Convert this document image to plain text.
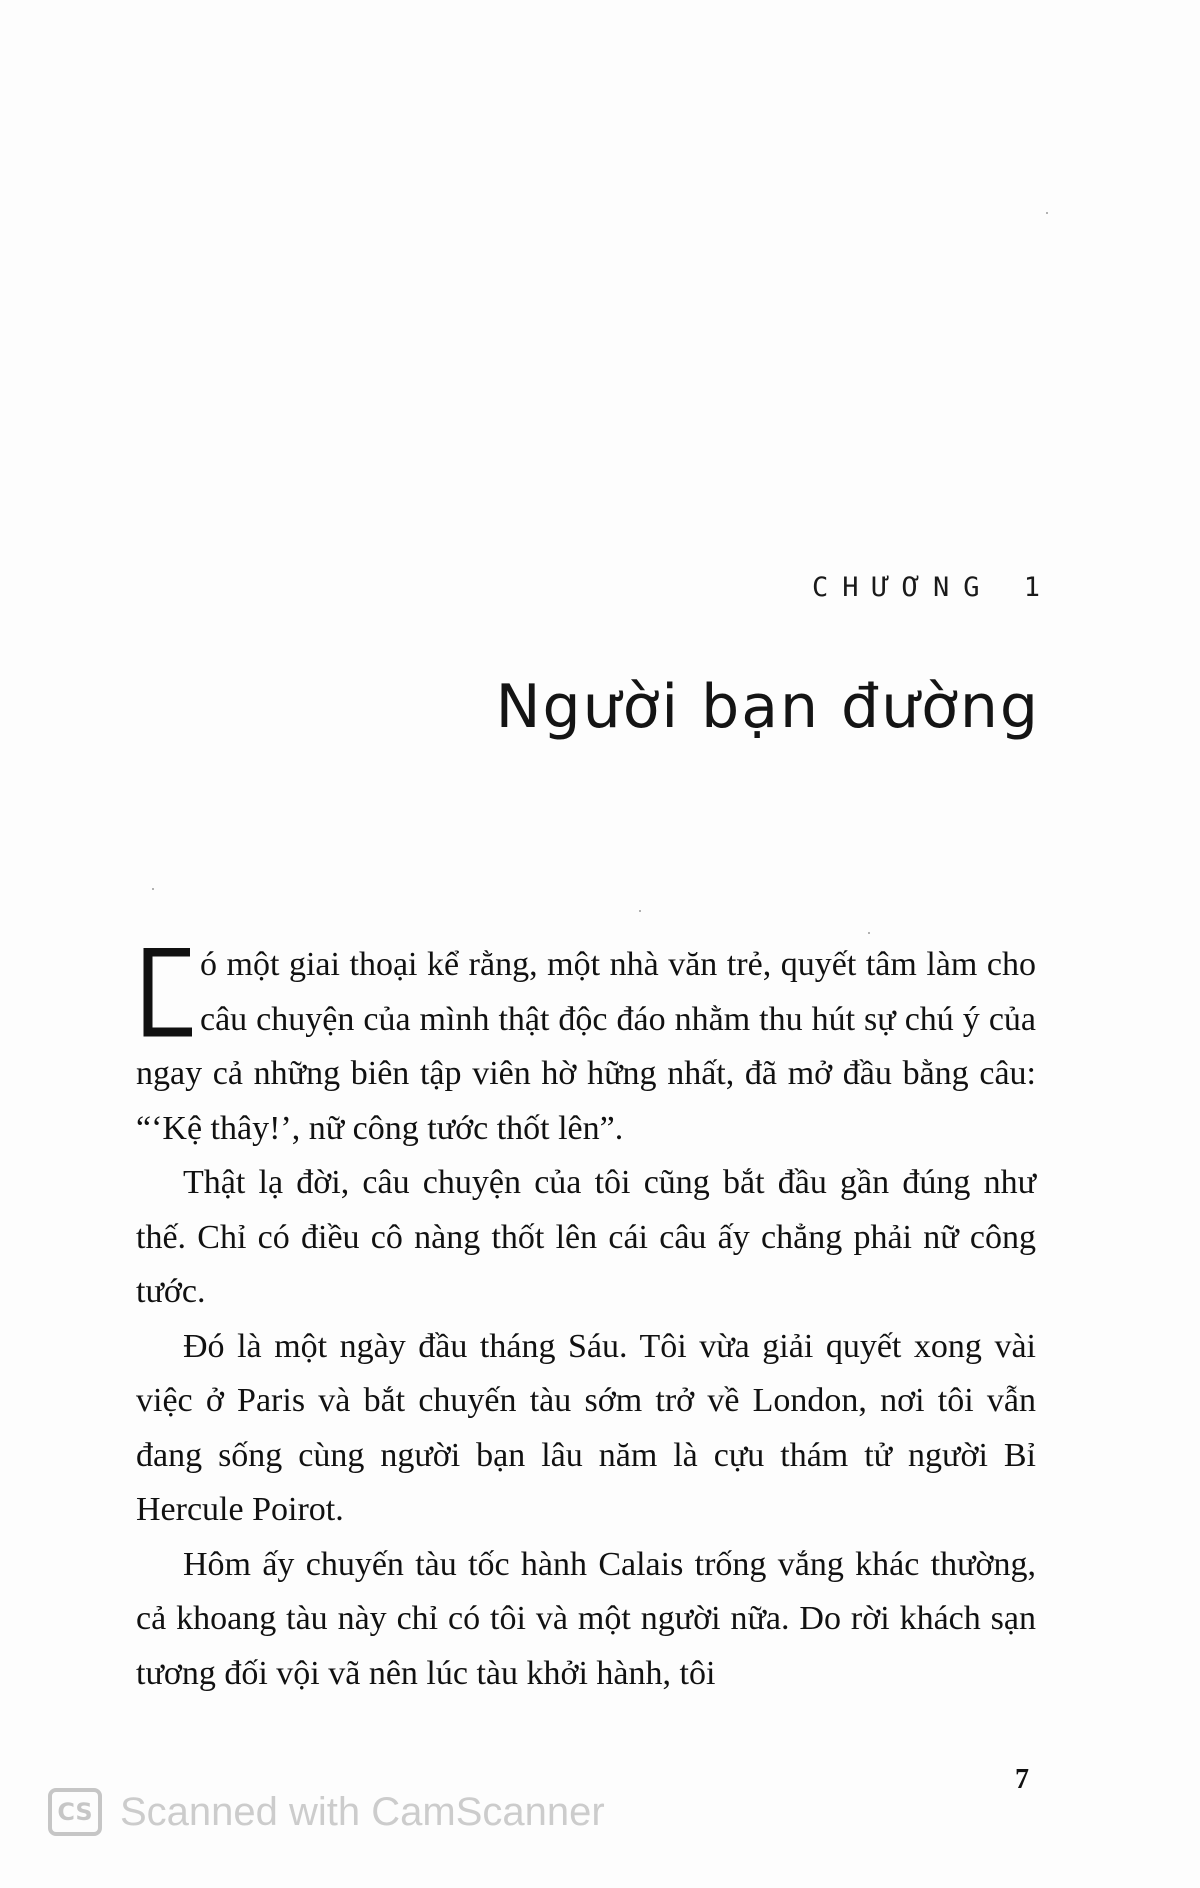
CHƯƠNG 1
Người bạn đường

ó một giai thoại kể rằng, một nhà văn trẻ, quyết tâm làm cho câu chuyện của mình thật độc đáo nhằm thu hút sự chú ý của ngay cả những biên tập viên hờ hững nhất, đã mở đầu bằng câu: “‘Kệ thây!’, nữ công tước thốt lên”.

Thật lạ đời, câu chuyện của tôi cũng bắt đầu gần đúng như thế. Chỉ có điều cô nàng thốt lên cái câu ấy chẳng phải nữ công tước.

Đó là một ngày đầu tháng Sáu. Tôi vừa giải quyết xong vài việc ở Paris và bắt chuyến tàu sớm trở về London, nơi tôi vẫn đang sống cùng người bạn lâu năm là cựu thám tử người Bỉ Hercule Poirot.

Hôm ấy chuyến tàu tốc hành Calais trống vắng khác thường, cả khoang tàu này chỉ có tôi và một người nữa. Do rời khách sạn tương đối vội vã nên lúc tàu khởi hành, tôi

7
CS Scanned with CamScanner
